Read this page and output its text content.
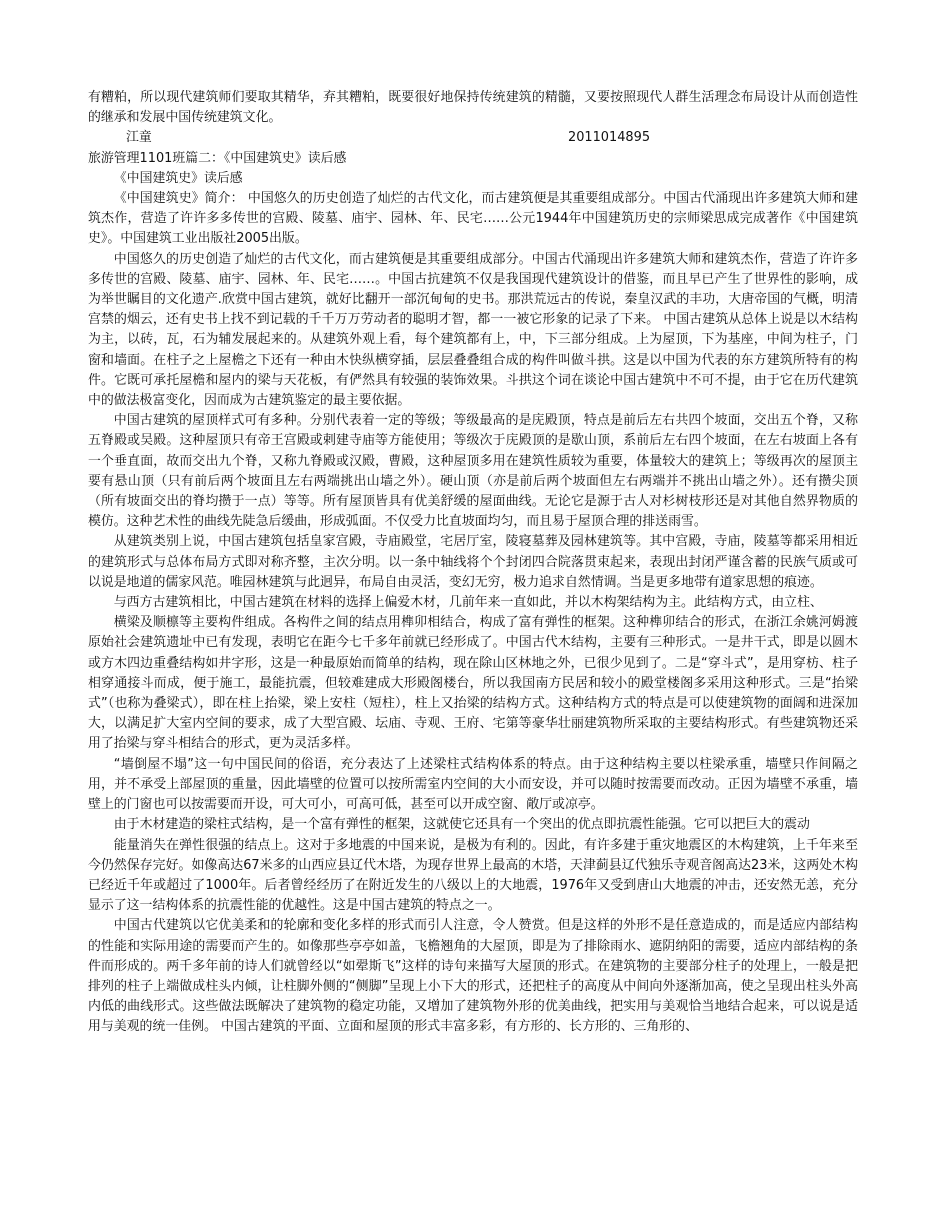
有糟粕，所以现代建筑师们要取其精华，弃其糟粕，既要很好地保持传统建筑的精髓，又要按照现代人群生活理念布局设计从而创造性的继承和发展中国传统建筑文化。

江童	2011014895

旅游管理1101班篇二：《中国建筑史》读后感

《中国建筑史》读后感

《中国建筑史》简介： 中国悠久的历史创造了灿烂的古代文化，而古建筑便是其重要组成部分。中国古代涌现出许多建筑大师和建筑杰作，营造了许许多多传世的宫殿、陵墓、庙宇、园林、年、民宅……公元1944年中国建筑历史的宗师梁思成完成著作《中国建筑史》。中国建筑工业出版社2005出版。

中国悠久的历史创造了灿烂的古代文化，而古建筑便是其重要组成部分。中国古代涌现出许多建筑大师和建筑杰作，营造了许许多多传世的宫殿、陵墓、庙宇、园林、年、民宅……。中国古抗建筑不仅是我国现代建筑设计的借鉴，而且早已产生了世界性的影响，成为举世瞩目的文化遗产.欣赏中国古建筑，就好比翻开一部沉甸甸的史书。那洪荒远古的传说，秦皇汉武的丰功，大唐帝国的气概，明清宫禁的烟云，还有史书上找不到记载的千千万万劳动者的聪明才智，都一一被它形象的记录了下来。 中国古建筑从总体上说是以木结构为主，以砖，瓦，石为辅发展起来的。从建筑外观上看，每个建筑都有上，中，下三部分组成。上为屋顶，下为基座，中间为柱子，门窗和墙面。在柱子之上屋檐之下还有一种由木快纵横穿插，层层叠叠组合成的构件叫做斗拱。这是以中国为代表的东方建筑所特有的构件。它既可承托屋檐和屋内的梁与天花板，有俨然具有较强的装饰效果。斗拱这个词在谈论中国古建筑中不可不提，由于它在历代建筑中的做法极富变化，因而成为古建筑鉴定的最主要依据。

中国古建筑的屋顶样式可有多种。分别代表着一定的等级；等级最高的是庑殿顶，特点是前后左右共四个坡面，交出五个脊，又称五脊殿或吴殿。这种屋顶只有帝王宫殿或剌建寺庙等方能使用；等级次于庑殿顶的是歇山顶，系前后左右四个坡面，在左右坡面上各有一个垂直面，故而交出九个脊，又称九脊殿或汉殿，曹殿，这种屋顶多用在建筑性质较为重要，体量较大的建筑上；等级再次的屋顶主要有悬山顶（只有前后两个坡面且左右两端挑出山墙之外）。硬山顶（亦是前后两个坡面但左右两端并不挑出山墙之外）。还有攒尖顶（所有坡面交出的脊均攒于一点）等等。所有屋顶皆具有优美舒缓的屋面曲线。无论它是源于古人对杉树枝形还是对其他自然界物质的模仿。这种艺术性的曲线先陡急后缓曲，形成弧面。不仅受力比直坡面均匀，而且易于屋顶合理的排送雨雪。

从建筑类别上说，中国古建筑包括皇家宫殿，寺庙殿堂，宅居厅室，陵寝墓葬及园林建筑等。其中宫殿，寺庙，陵墓等都采用相近的建筑形式与总体布局方式即对称齐整，主次分明。以一条中轴线将个个封闭四合院落贯束起来，表现出封闭严谨含蓄的民族气质或可以说是地道的儒家风范。唯园林建筑与此迥异，布局自由灵活，变幻无穷，极力追求自然情调。当是更多地带有道家思想的痕迹。

与西方古建筑相比，中国古建筑在材料的选择上偏爱木材，几前年来一直如此，并以木构架结构为主。此结构方式，由立柱、

横梁及顺檩等主要构件组成。各构件之间的结点用榫卯相结合，构成了富有弹性的框架。这种榫卯结合的形式，在浙江余姚河姆渡原始社会建筑遗址中已有发现，表明它在距今七千多年前就已经形成了。中国古代木结构，主要有三种形式。一是井干式，即是以圆木或方木四边重叠结构如井字形，这是一种最原始而简单的结构，现在除山区林地之外，已很少见到了。二是“穿斗式”，是用穿枋、柱子相穿通接斗而成，便于施工，最能抗震，但较难建成大形殿阁楼台，所以我国南方民居和较小的殿堂楼阁多采用这种形式。三是“抬梁式”（也称为叠梁式），即在柱上抬梁，梁上安柱（短柱），柱上又抬梁的结构方式。这种结构方式的特点是可以使建筑物的面阔和进深加大，以满足扩大室内空间的要求，成了大型宫殿、坛庙、寺观、王府、宅第等豪华壮丽建筑物所采取的主要结构形式。有些建筑物还采用了抬梁与穿斗相结合的形式，更为灵活多样。

“墙倒屋不塌”这一句中国民间的俗语，充分表达了上述梁柱式结构体系的特点。由于这种结构主要以柱梁承重，墙壁只作间隔之用，并不承受上部屋顶的重量，因此墙壁的位置可以按所需室内空间的大小而安设，并可以随时按需要而改动。正因为墙壁不承重，墙壁上的门窗也可以按需要而开设，可大可小，可高可低，甚至可以开成空窗、敞厅或凉亭。

由于木材建造的梁柱式结构，是一个富有弹性的框架，这就使它还具有一个突出的优点即抗震性能强。它可以把巨大的震动

能量消失在弹性很强的结点上。这对于多地震的中国来说，是极为有利的。因此，有许多建于重灾地震区的木构建筑，上千年来至今仍然保存完好。如像高达67米多的山西应县辽代木塔，为现存世界上最高的木塔，天津蓟县辽代独乐寺观音阁高达23米，这两处木构已经近千年或超过了1000年。后者曾经经历了在附近发生的八级以上的大地震，1976年又受到唐山大地震的冲击，还安然无恙，充分显示了这一结构体系的抗震性能的优越性。这是中国古建筑的特点之一。

中国古代建筑以它优美柔和的轮廓和变化多样的形式而引人注意，令人赞赏。但是这样的外形不是任意造成的，而是适应内部结构的性能和实际用途的需要而产生的。如像那些亭亭如盖，飞檐翘角的大屋顶，即是为了排除雨水、遮阴纳阳的需要，适应内部结构的条件而形成的。两千多年前的诗人们就曾经以“如翚斯飞”这样的诗句来描写大屋顶的形式。在建筑物的主要部分柱子的处理上，一般是把排列的柱子上端做成柱头内倾，让柱脚外侧的“侧脚”呈现上小下大的形式，还把柱子的高度从中间向外逐渐加高，使之呈现出柱头外高内低的曲线形式。这些做法既解决了建筑物的稳定功能，又增加了建筑物外形的优美曲线，把实用与美观恰当地结合起来，可以说是适用与美观的统一佳例。 中国古建筑的平面、立面和屋顶的形式丰富多彩，有方形的、长方形的、三角形的、
